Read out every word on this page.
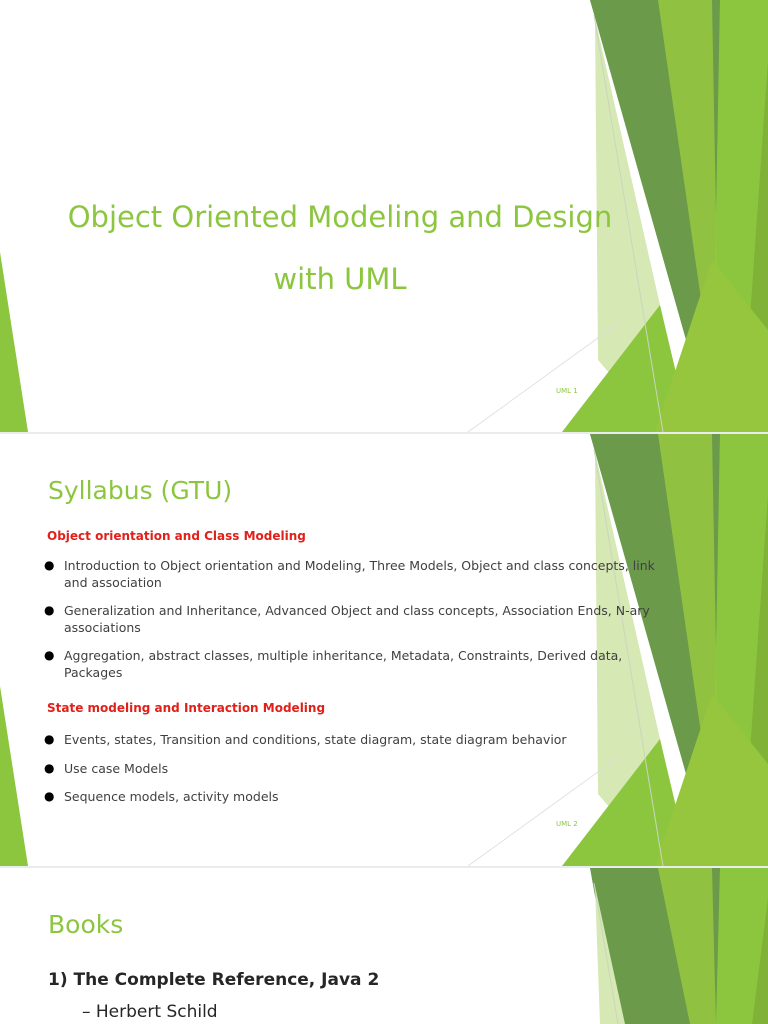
Object Oriented Modeling and Design
with UML
UML 1
UML 2
Syllabus (GTU)
Object orientation and Class Modeling
● Introduction to Object orientation and Modeling, Three Models, Object and class concepts, link and association
● Generalization and Inheritance, Advanced Object and class concepts, Association Ends, N-ary associations
● Aggregation, abstract classes, multiple inheritance, Metadata, Constraints, Derived data, Packages
State modeling and Interaction Modeling
● Events, states, Transition and conditions, state diagram, state diagram behavior
● Use case Models
● Sequence models, activity models
Books

1) The Complete Reference, Java 2

– Herbert Schild
